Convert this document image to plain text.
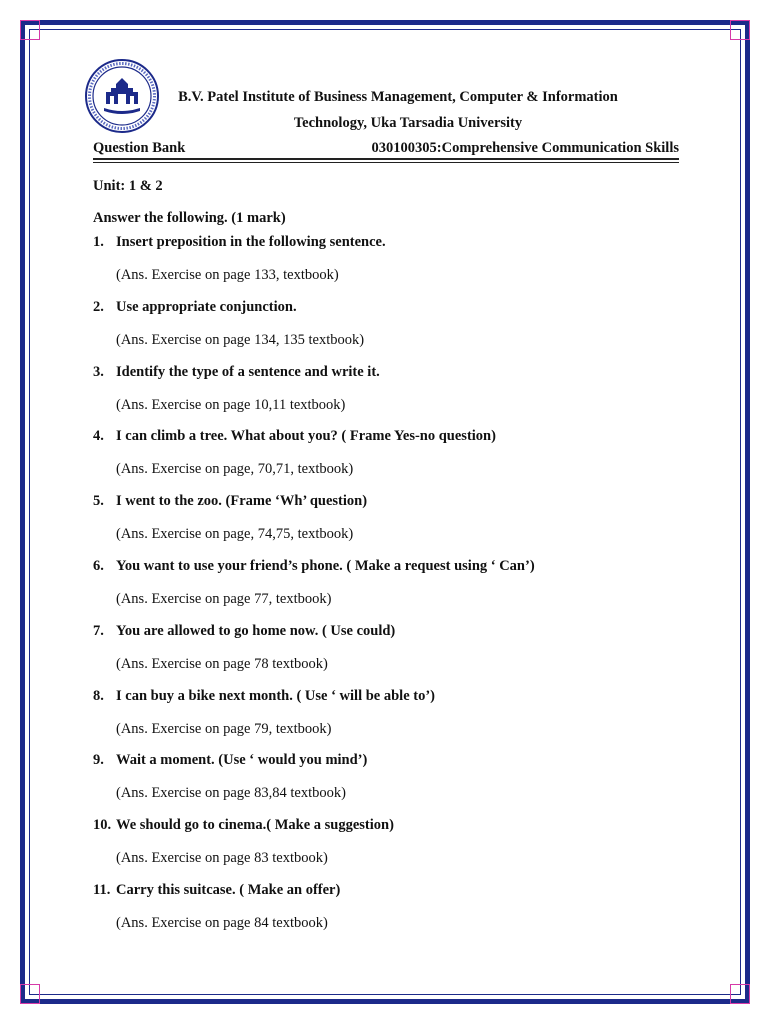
B.V. Patel Institute of Business Management, Computer & Information
Technology, Uka Tarsadia University
Question Bank	030100305:Comprehensive Communication Skills
Unit: 1 & 2
Answer the following. (1 mark)
1. Insert preposition in the following sentence.
(Ans. Exercise on page 133, textbook)
2. Use appropriate conjunction.
(Ans. Exercise on page 134, 135 textbook)
3. Identify the type of a sentence and write it.
(Ans. Exercise on page 10,11 textbook)
4. I can climb a tree. What about you? ( Frame Yes-no question)
(Ans. Exercise on page, 70,71, textbook)
5. I went to the zoo. (Frame ‘Wh’ question)
(Ans. Exercise on page, 74,75, textbook)
6. You want to use your friend’s phone. ( Make a request using ‘ Can’)
(Ans. Exercise on page 77, textbook)
7. You are allowed to go home now. ( Use could)
(Ans. Exercise on page 78 textbook)
8. I can buy a bike next month. ( Use ‘ will be able to’)
(Ans. Exercise on page 79, textbook)
9. Wait a moment. (Use ‘ would you mind’)
(Ans. Exercise on page 83,84 textbook)
10. We should go to cinema.( Make a suggestion)
(Ans. Exercise on page 83 textbook)
11. Carry this suitcase. ( Make an offer)
(Ans. Exercise on page 84 textbook)
